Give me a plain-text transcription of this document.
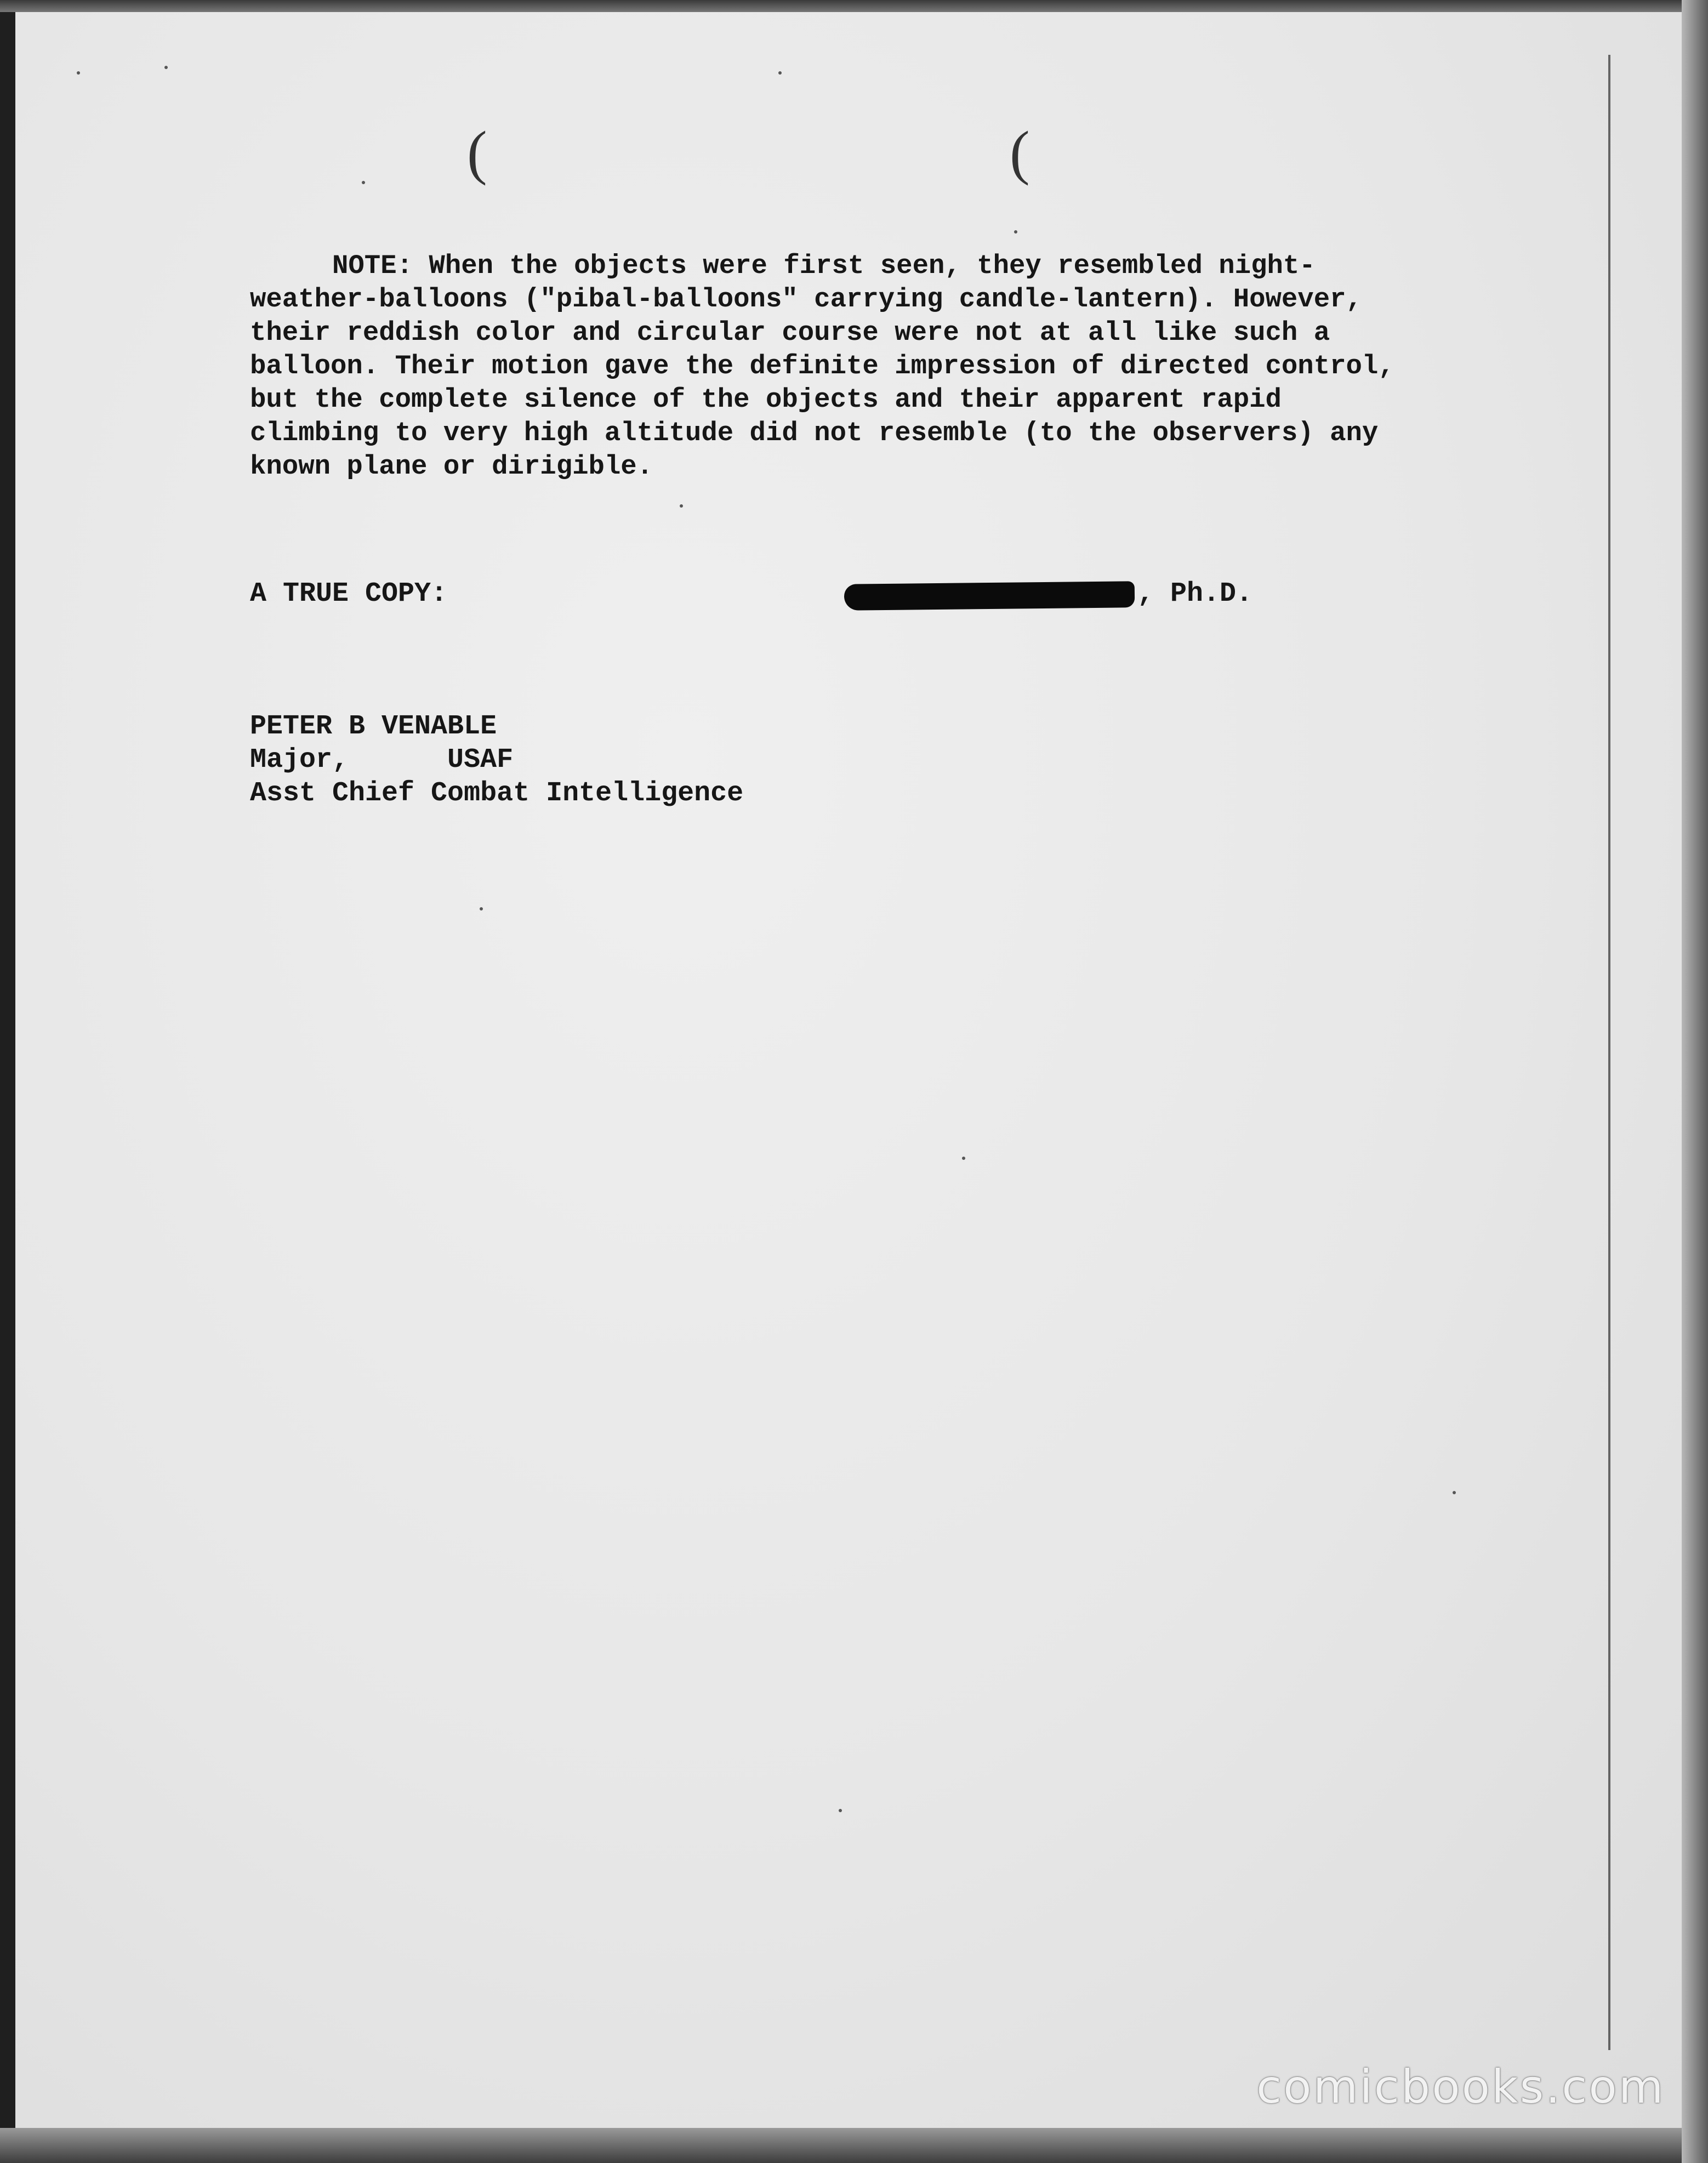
(	(
NOTE: When the objects were first seen, they resembled night-
weather-balloons ("pibal-balloons" carrying candle-lantern). However,
their reddish color and circular course were not at all like such a
balloon. Their motion gave the definite impression of directed control,
but the complete silence of the objects and their apparent rapid
climbing to very high altitude did not resemble (to the observers) any
known plane or dirigible.
A TRUE COPY:	, Ph.D.
PETER B VENABLE
Major,      USAF
Asst Chief Combat Intelligence
comicbooks.com
